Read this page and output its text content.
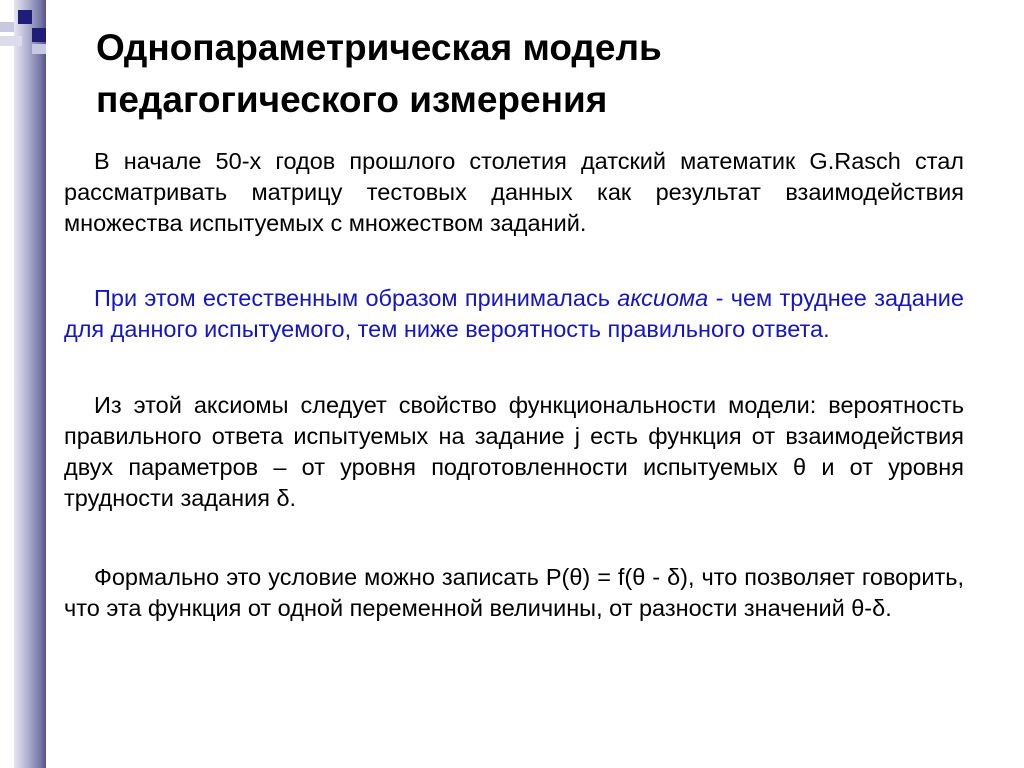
Однопараметрическая модель
педагогического измерения

В начале 50-х годов прошлого столетия датский математик G.Rasch стал рассматривать матрицу тестовых данных как результат взаимодействия множества испытуемых с множеством заданий.

При этом естественным образом принималась аксиома - чем труднее задание для данного испытуемого, тем ниже вероятность правильного ответа.

Из этой аксиомы следует свойство функциональности модели: вероятность правильного ответа испытуемых на задание j есть функция от взаимодействия двух параметров – от уровня подготовленности испытуемых θ и от уровня трудности задания δ.

Формально это условие можно записать P(θ) = f(θ - δ), что позволяет говорить, что эта функция от одной переменной величины, от разности значений θ-δ.
